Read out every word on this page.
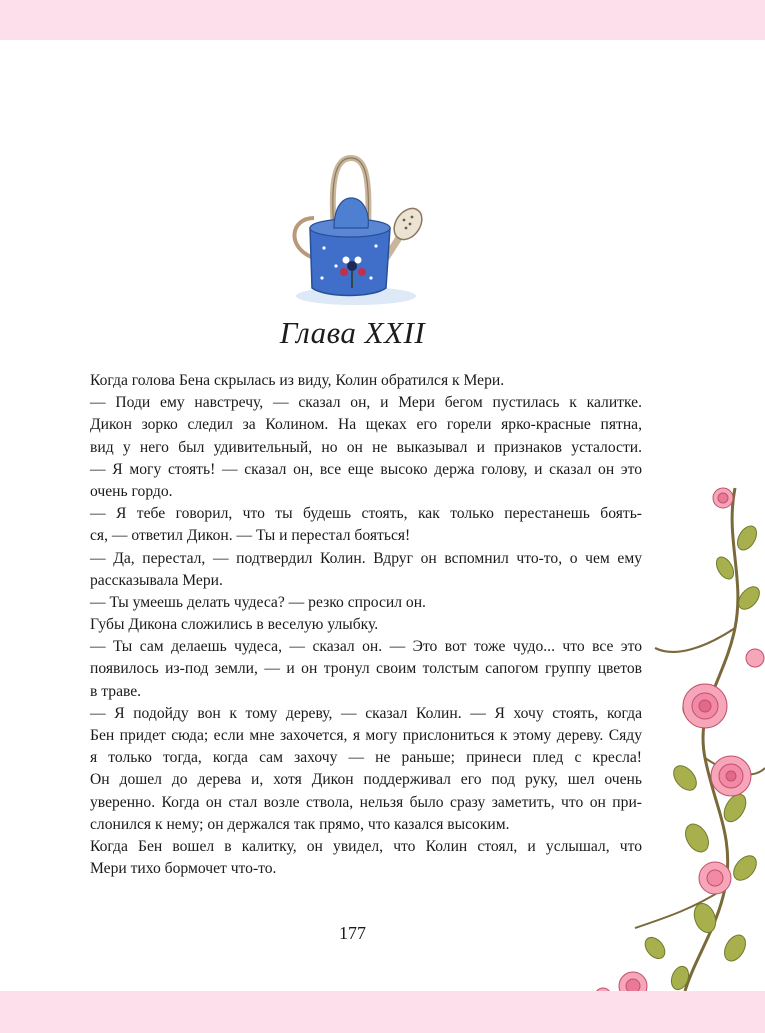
Глава XXII
Когда голова Бена скрылась из виду, Колин обратился к Мери.
— Поди ему навстречу, — сказал он, и Мери бегом пустилась к калитке.
Дикон зорко следил за Колином. На щеках его горели ярко-красные пятна,
вид у него был удивительный, но он не выказывал и признаков усталости.
— Я могу стоять! — сказал он, все еще высоко держа голову, и сказал он это
очень гордо.
— Я тебе говорил, что ты будешь стоять, как только перестанешь боять-
ся, — ответил Дикон. — Ты и перестал бояться!
— Да, перестал, — подтвердил Колин. Вдруг он вспомнил что-то, о чем ему
рассказывала Мери.
— Ты умеешь делать чудеса? — резко спросил он.
Губы Дикона сложились в веселую улыбку.
— Ты сам делаешь чудеса, — сказал он. — Это вот тоже чудо... что все это
появилось из-под земли, — и он тронул своим толстым сапогом группу цветов
в траве.
— Я подойду вон к тому дереву, — сказал Колин. — Я хочу стоять, когда
Бен придет сюда; если мне захочется, я могу прислониться к этому дереву. Сяду
я только тогда, когда сам захочу — не раньше; принеси плед с кресла!
Он дошел до дерева и, хотя Дикон поддерживал его под руку, шел очень
уверенно. Когда он стал возле ствола, нельзя было сразу заметить, что он при-
слонился к нему; он держался так прямо, что казался высоким.
Когда Бен вошел в калитку, он увидел, что Колин стоял, и услышал, что
Мери тихо бормочет что-то.
177
